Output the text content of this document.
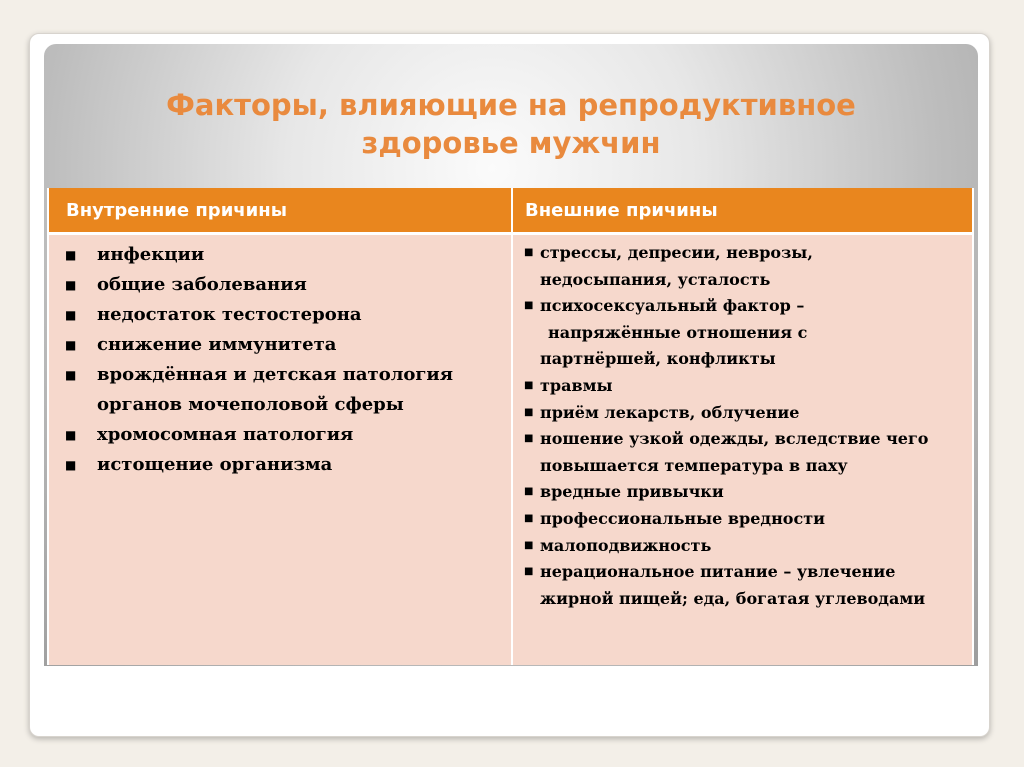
Факторы, влияющие на репродуктивное
здоровье мужчин
Внутренние причины	Внешние причины
■ инфекции
■ общие заболевания
■ недостаток тестостерона
■ снижение иммунитета
■ врождённая и детская патология
органов мочеполовой сферы
■ хромосомная патология
■ истощение организма
■ стрессы, депресии, неврозы,
недосыпания, усталость
■ психосексуальный фактор –
напряжённые отношения с
партнёршей, конфликты
■ травмы
■ приём лекарств, облучение
■ ношение узкой одежды, вследствие чего
повышается температура в паху
■ вредные привычки
■ профессиональные вредности
■ малоподвижность
■ нерациональное питание – увлечение
жирной пищей; еда, богатая углеводами
